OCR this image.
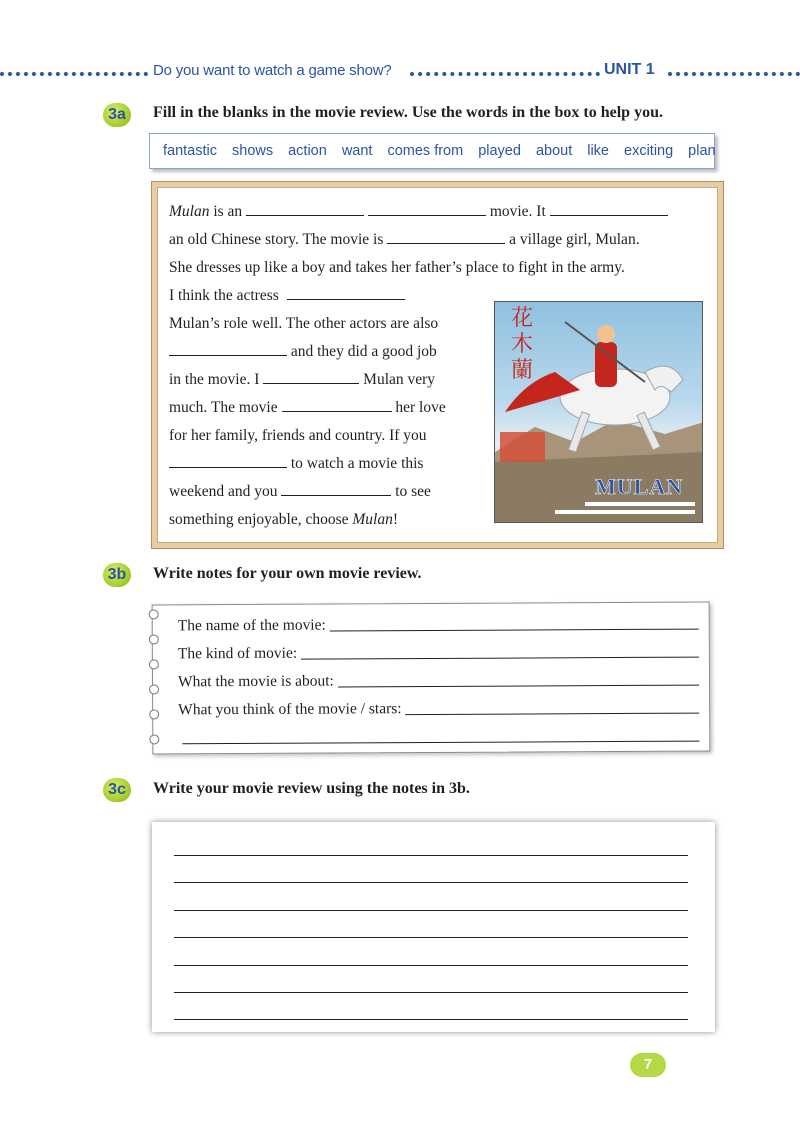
Do you want to watch a game show?	UNIT 1
3a	Fill in the blanks in the movie review. Use the words in the box to help you.
fantastic shows action want comes from played about like exciting plan
Mulan is an	movie. It
an old Chinese story. The movie is	a village girl, Mulan.
She dresses up like a boy and takes her father’s place to fight in the army.
I think the actress
Mulan’s role well. The other actors are also
and they did a good job
in the movie. I	Mulan very
much. The movie	her love
for her family, friends and country. If you
to watch a movie this
weekend and you	to see
something enjoyable, choose Mulan!
花木蘭
MULAN
3b Write notes for your own movie review.
The name of the movie:
The kind of movie:
What the movie is about:
What you think of the movie / stars:
3c	Write your movie review using the notes in 3b.
7
